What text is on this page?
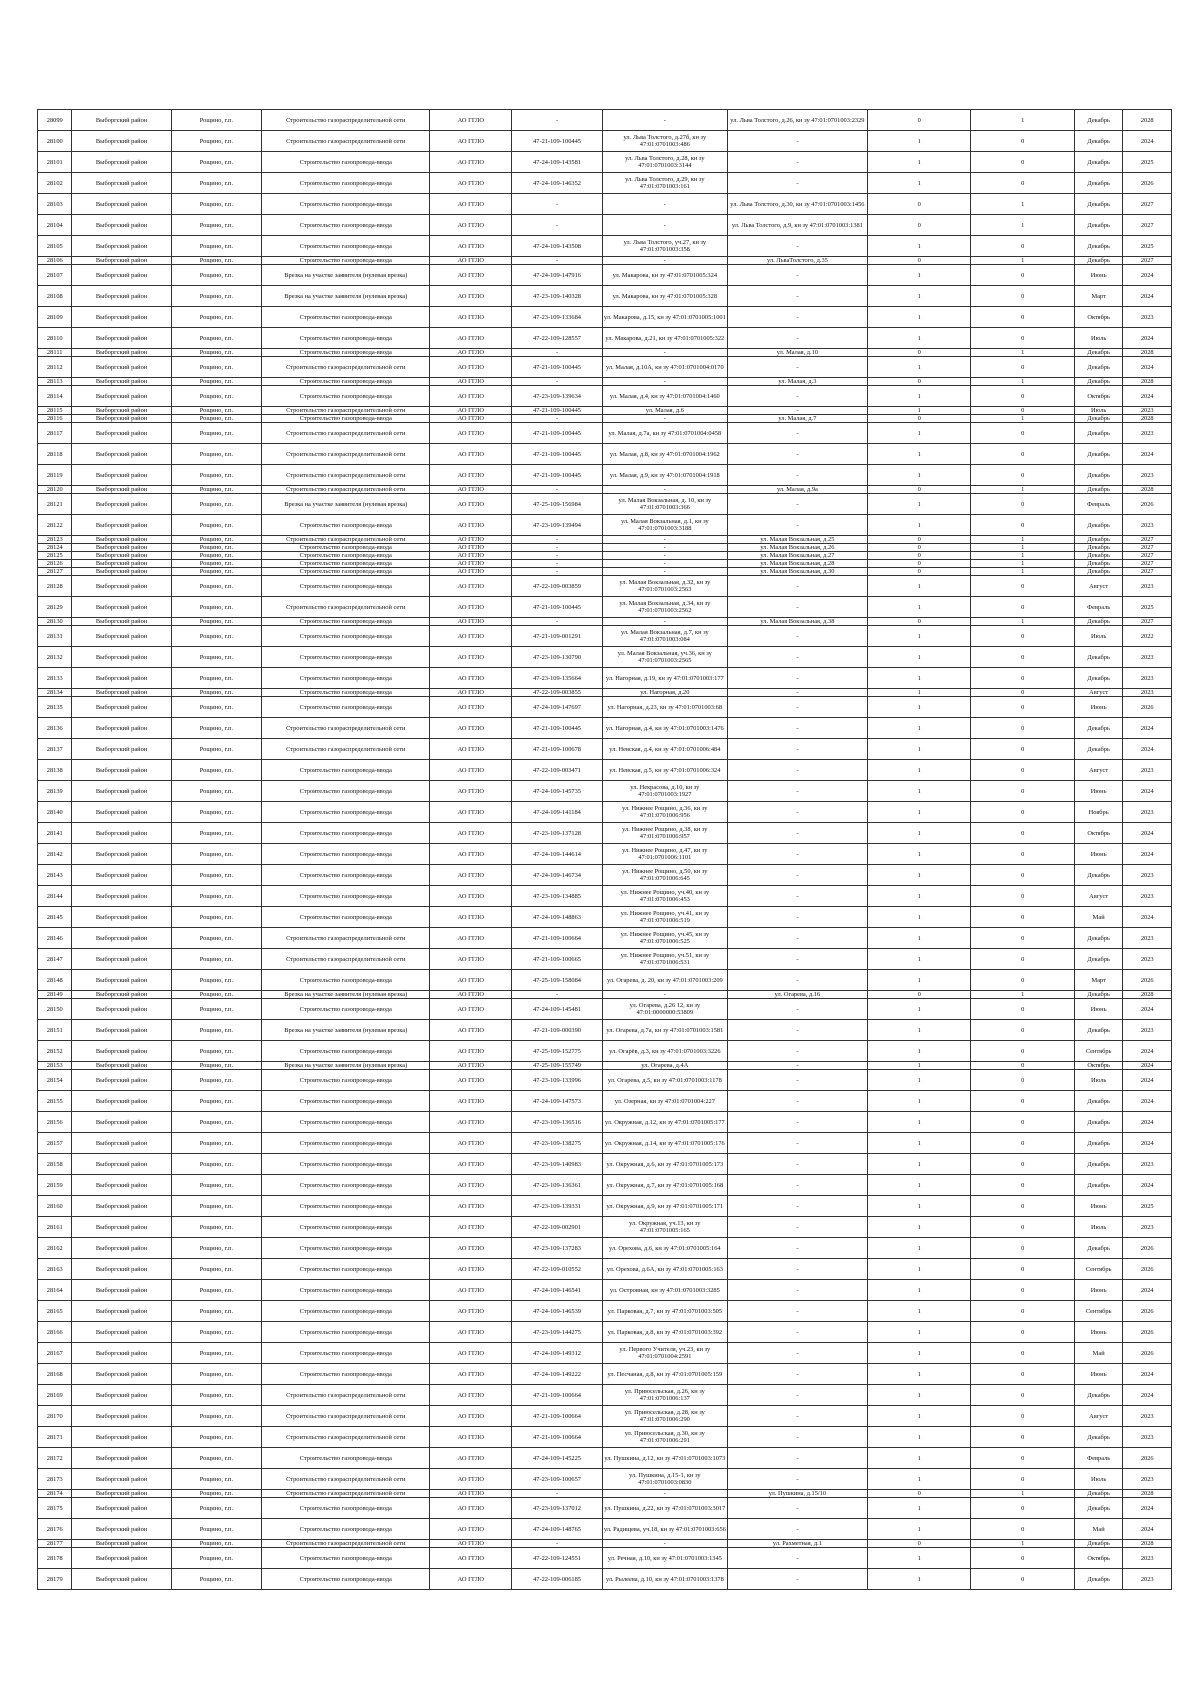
28099	Выборгский район	Рощино, г.п.	Строительство газораспределительной сети	АО ГГЛО	-	-	ул. Льва Толстого, д.26, кн зу 47:01:0701003:2329	0	1	Декабрь	2028
28100	Выборгский район	Рощино, г.п.	Строительство газораспределительной сети	АО ГГЛО	47-21-109-100445	ул. Льва Толстого, д.27б, кн зу 47:01:0701003:486	-	1	0	Декабрь	2024
28101	Выборгский район	Рощино, г.п.	Строительство газопровода-ввода	АО ГГЛО	47-24-109-143581	ул. Льва Толстого, д.28, кн зу 47:01:0701003:3144	-	1	0	Декабрь	2025
28102	Выборгский район	Рощино, г.п.	Строительство газопровода-ввода	АО ГГЛО	47-24-109-146352	ул. Льва Толстого, д.29, кн зу 47:01:0701003:161	-	1	0	Декабрь	2026
28103	Выборгский район	Рощино, г.п.	Строительство газопровода-ввода	АО ГГЛО	-	-	ул. Льва Толстого, д.30, кн зу 47:01:0701003:1456	0	1	Декабрь	2027
28104	Выборгский район	Рощино, г.п.	Строительство газопровода-ввода	АО ГГЛО	-	-	ул. Льва Толстого, д.9, кн зу 47:01:0701003:1381	0	1	Декабрь	2027
28105	Выборгский район	Рощино, г.п.	Строительство газопровода-ввода	АО ГГЛО	47-24-109-143508	ул. Льва Толстого, уч.27, кн зу 47:01:0701003:358	-	1	0	Декабрь	2025
28106	Выборгский район	Рощино, г.п.	Строительство газопровода-ввода	АО ГГЛО	-	-	ул. ЛьваТолстого, д.35	0	1	Декабрь	2027
28107	Выборгский район	Рощино, г.п.	Врезка на участке заявителя (нулевая врезка)	АО ГГЛО	47-24-109-147916	ул. Макарова, кн зу 47:01:0701005:324	-	1	0	Июнь	2024
28108	Выборгский район	Рощино, г.п.	Врезка на участке заявителя (нулевая врезка)	АО ГГЛО	47-23-109-140328	ул. Макарова, кн зу 47:01:0701005:328	-	1	0	Март	2024
28109	Выборгский район	Рощино, г.п.	Строительство газопровода-ввода	АО ГГЛО	47-23-109-133684	ул. Макарова, д.15, кн зу 47:01:0701005:1001	-	1	0	Октябрь	2023
28110	Выборгский район	Рощино, г.п.	Строительство газопровода-ввода	АО ГГЛО	47-22-109-128557	ул. Макарова, д.21, кн зу 47:01:0701005:322	-	1	0	Июль	2024
28111	Выборгский район	Рощино, г.п.	Строительство газопровода-ввода	АО ГГЛО	-	-	ул. Малая, д.10	0	1	Декабрь	2028
28112	Выборгский район	Рощино, г.п.	Строительство газораспределительной сети	АО ГГЛО	47-21-109-100445	ул. Малая, д.10А, кн зу 47:01:0701004:0170	-	1	0	Декабрь	2024
28113	Выборгский район	Рощино, г.п.	Строительство газопровода-ввода	АО ГГЛО	-	-	ул. Малая, д.3	0	1	Декабрь	2028
28114	Выборгский район	Рощино, г.п.	Строительство газопровода-ввода	АО ГГЛО	47-23-109-139634	ул. Малая, д.4, кн зу 47:01:0701004:1460	-	1	0	Октябрь	2024
28115	Выборгский район	Рощино, г.п.	Строительство газораспределительной сети	АО ГГЛО	47-21-109-100445	ул. Малая, д.6	-	1	0	Июль	2023
28116	Выборгский район	Рощино, г.п.	Строительство газопровода-ввода	АО ГГЛО	-	-	ул. Малая, д.7	0	1	Декабрь	2028
28117	Выборгский район	Рощино, г.п.	Строительство газораспределительной сети	АО ГГЛО	47-21-109-100445	ул. Малая, д.7а, кн зу 47:01:0701004:0458	-	1	0	Декабрь	2023
28118	Выборгский район	Рощино, г.п.	Строительство газораспределительной сети	АО ГГЛО	47-21-109-100445	ул. Малая, д.8, кн зу 47:01:0701004:1962	-	1	0	Декабрь	2024
28119	Выборгский район	Рощино, г.п.	Строительство газораспределительной сети	АО ГГЛО	47-21-109-100445	ул. Малая, д.9, кн зу 47:01:0701004:1918	-	1	0	Декабрь	2023
28120	Выборгский район	Рощино, г.п.	Строительство газораспределительной сети	АО ГГЛО	-	-	ул. Малая, д.9а	0	1	Декабрь	2028
28121	Выборгский район	Рощино, г.п.	Врезка на участке заявителя (нулевая врезка)	АО ГГЛО	47-25-109-156984	ул. Малая Вокзальная, д. 10, кн зу 47:01:0701003:366	-	1	0	Февраль	2026
28122	Выборгский район	Рощино, г.п.	Строительство газопровода-ввода	АО ГГЛО	47-23-109-139494	ул. Малая Вокзальная, д.1, кн зу 47:01:0701003:3188	-	1	0	Декабрь	2023
28123	Выборгский район	Рощино, г.п.	Строительство газораспределительной сети	АО ГГЛО	-	-	ул. Малая Вокзальная, д.25	0	1	Декабрь	2027
28124	Выборгский район	Рощино, г.п.	Строительство газопровода-ввода	АО ГГЛО	-	-	ул. Малая Вокзальная, д.26	0	1	Декабрь	2027
28125	Выборгский район	Рощино, г.п.	Строительство газопровода-ввода	АО ГГЛО	-	-	ул. Малая Вокзальная, д.27	0	1	Декабрь	2027
28126	Выборгский район	Рощино, г.п.	Строительство газопровода-ввода	АО ГГЛО	-	-	ул. Малая Вокзальная, д.28	0	1	Декабрь	2027
28127	Выборгский район	Рощино, г.п.	Строительство газопровода-ввода	АО ГГЛО	-	-	ул. Малая Вокзальная, д.30	0	1	Декабрь	2027
28128	Выборгский район	Рощино, г.п.	Строительство газопровода-ввода	АО ГГЛО	47-22-109-003859	ул. Малая Вокзальная, д.32, кн зу 47:01:0701003:2563	-	1	0	Август	2023
28129	Выборгский район	Рощино, г.п.	Строительство газораспределительной сети	АО ГГЛО	47-21-109-100445	ул. Малая Вокзальная, д.34, кн зу 47:01:0701003:2562	-	1	0	Февраль	2025
28130	Выборгский район	Рощино, г.п.	Строительство газопровода-ввода	АО ГГЛО	-	-	ул. Малая Вокзальная, д.38	0	1	Декабрь	2027
28131	Выборгский район	Рощино, г.п.	Строительство газопровода-ввода	АО ГГЛО	47-21-109-001291	ул. Малая Вокзальная, д.7, кн зу 47:01:0701003:084	-	1	0	Июль	2022
28132	Выборгский район	Рощино, г.п.	Строительство газопровода-ввода	АО ГГЛО	47-23-109-130790	ул. Малая Вокзальная, уч.36, кн зу 47:01:0701003:2565	-	1	0	Декабрь	2023
28133	Выборгский район	Рощино, г.п.	Строительство газопровода-ввода	АО ГГЛО	47-23-109-135664	ул. Нагорная, д.19, кн зу 47:01:0701003:177	-	1	0	Декабрь	2023
28134	Выборгский район	Рощино, г.п.	Строительство газопровода-ввода	АО ГГЛО	47-22-109-003855	ул. Нагорная, д.20	-	1	0	Август	2023
28135	Выборгский район	Рощино, г.п.	Строительство газопровода-ввода	АО ГГЛО	47-24-109-147697	ул. Нагорная, д.23, кн зу 47:01:0701003:68	-	1	0	Июнь	2026
28136	Выборгский район	Рощино, г.п.	Строительство газораспределительной сети	АО ГГЛО	47-21-109-100445	ул. Нагорная, д.4, кн зу 47:01:0701003:1476	-	1	0	Декабрь	2024
28137	Выборгский район	Рощино, г.п.	Строительство газораспределительной сети	АО ГГЛО	47-21-109-100678	ул. Невская, д.4, кн зу 47:01:0701006:484	-	1	0	Декабрь	2024
28138	Выборгский район	Рощино, г.п.	Строительство газопровода-ввода	АО ГГЛО	47-22-109-003471	ул. Невская, д.5, кн зу 47:01:0701006:324	-	1	0	Август	2023
28139	Выборгский район	Рощино, г.п.	Строительство газопровода-ввода	АО ГГЛО	47-24-109-145735	ул. Некрасова, д.10, кн зу 47:01:0701003:1927	-	1	0	Июнь	2024
28140	Выборгский район	Рощино, г.п.	Строительство газопровода-ввода	АО ГГЛО	47-24-109-141184	ул. Нижнее Рощино, д.36, кн зу 47:01:0701006:956	-	1	0	Ноябрь	2023
28141	Выборгский район	Рощино, г.п.	Строительство газопровода-ввода	АО ГГЛО	47-23-109-137128	ул. Нижнее Рощино, д.38, кн зу 47:01:0701006:957	-	1	0	Октябрь	2024
28142	Выборгский район	Рощино, г.п.	Строительство газопровода-ввода	АО ГГЛО	47-24-109-144614	ул. Нижнее Рощино, д.47, кн зу 47:01:0701006:1101	-	1	0	Июнь	2024
28143	Выборгский район	Рощино, г.п.	Строительство газопровода-ввода	АО ГГЛО	47-24-109-146734	ул. Нижнее Рощино, д.50, кн зу 47:01:0701006:645	-	1	0	Декабрь	2023
28144	Выборгский район	Рощино, г.п.	Строительство газопровода-ввода	АО ГГЛО	47-23-109-134885	ул. Нижнее Рощино, уч.40, кн зу 47:01:0701006:453	-	1	0	Август	2023
28145	Выборгский район	Рощино, г.п.	Строительство газопровода-ввода	АО ГГЛО	47-24-109-148863	ул. Нижнее Рощино, уч.41, кн зу 47:01:0701006:519	-	1	0	Май	2024
28146	Выборгский район	Рощино, г.п.	Строительство газораспределительной сети	АО ГГЛО	47-21-109-100664	ул. Нижнее Рощино, уч.45, кн зу 47:01:0701006:525	-	1	0	Декабрь	2023
28147	Выборгский район	Рощино, г.п.	Строительство газораспределительной сети	АО ГГЛО	47-21-109-100665	ул. Нижнее Рощино, уч.51, кн зу 47:01:0701006:531	-	1	0	Декабрь	2023
28148	Выборгский район	Рощино, г.п.	Строительство газопровода-ввода	АО ГГЛО	47-25-109-158084	ул. Огарева, д. 20, кн зу 47:01:0701003:209	-	1	0	Март	2026
28149	Выборгский район	Рощино, г.п.	Врезка на участке заявителя (нулевая врезка)	АО ГГЛО	-	-	ул. Огарева, д.16	0	1	Декабрь	2028
28150	Выборгский район	Рощино, г.п.	Строительство газопровода-ввода	АО ГГЛО	47-24-109-145481	ул. Огарева, д.26 12, кн зу 47:01:0000000:53809	-	1	0	Июнь	2024
28151	Выборгский район	Рощино, г.п.	Врезка на участке заявителя (нулевая врезка)	АО ГГЛО	47-21-109-000390	ул. Огарева, д.7а, кн зу 47:01:0701003:1581	-	1	0	Декабрь	2023
28152	Выборгский район	Рощино, г.п.	Строительство газопровода-ввода	АО ГГЛО	47-25-109-152775	ул. Огарёв, д.3, кн зу 47:01:0701003:3226	-	1	0	Сентябрь	2024
28153	Выборгский район	Рощино, г.п.	Врезка на участке заявителя (нулевая врезка)	АО ГГЛО	47-25-109-155749	ул. Огарева, д.4А	-	1	0	Октябрь	2024
28154	Выборгский район	Рощино, г.п.	Строительство газопровода-ввода	АО ГГЛО	47-23-109-133996	ул. Огарева, д.5, кн зу 47:01:0701003:1178	-	1	0	Июль	2024
28155	Выборгский район	Рощино, г.п.	Строительство газопровода-ввода	АО ГГЛО	47-24-109-147573	ул. Озерная, кн зу 47:01:0701004:227	-	1	0	Декабрь	2024
28156	Выборгский район	Рощино, г.п.	Строительство газопровода-ввода	АО ГГЛО	47-23-109-136516	ул. Окружная, д.12, кн зу 47:01:0701005:177	-	1	0	Декабрь	2024
28157	Выборгский район	Рощино, г.п.	Строительство газопровода-ввода	АО ГГЛО	47-23-109-138275	ул. Окружная, д.14, кн зу 47:01:0701005:176	-	1	0	Декабрь	2024
28158	Выборгский район	Рощино, г.п.	Строительство газопровода-ввода	АО ГГЛО	47-23-109-140983	ул. Окружная, д.6, кн зу 47:01:0701005:173	-	1	0	Декабрь	2023
28159	Выборгский район	Рощино, г.п.	Строительство газопровода-ввода	АО ГГЛО	47-23-109-136361	ул. Окружная, д.7, кн зу 47:01:0701005:168	-	1	0	Декабрь	2024
28160	Выборгский район	Рощино, г.п.	Строительство газопровода-ввода	АО ГГЛО	47-23-109-139331	ул. Окружная, д.9, кн зу 47:01:0701005:171	-	1	0	Июнь	2025
28161	Выборгский район	Рощино, г.п.	Строительство газопровода-ввода	АО ГГЛО	47-22-109-002901	ул. Окружная, уч.13, кн зу 47:01:0701005:165	-	1	0	Июль	2023
28162	Выборгский район	Рощино, г.п.	Строительство газопровода-ввода	АО ГГЛО	47-23-109-137283	ул. Орехова, д.6, кн зу 47:01:0701005:164	-	1	0	Декабрь	2026
28163	Выборгский район	Рощино, г.п.	Строительство газопровода-ввода	АО ГГЛО	47-22-109-010552	ул. Орехова, д.6А, кн зу 47:01:0701005:163	-	1	0	Сентябрь	2026
28164	Выборгский район	Рощино, г.п.	Строительство газопровода-ввода	АО ГГЛО	47-24-109-146541	ул. Островная, кн зу 47:01:0701003:3285	-	1	0	Июнь	2024
28165	Выборгский район	Рощино, г.п.	Строительство газопровода-ввода	АО ГГЛО	47-24-109-146539	ул. Парковая, д.7, кн зу 47:01:0701003:505	-	1	0	Сентябрь	2026
28166	Выборгский район	Рощино, г.п.	Строительство газопровода-ввода	АО ГГЛО	47-23-109-144275	ул. Парковая, д.8, кн зу 47:01:0701003:392	-	1	0	Июнь	2026
28167	Выборгский район	Рощино, г.п.	Строительство газопровода-ввода	АО ГГЛО	47-24-109-149312	ул. Первого Учителя, уч.23, кн зу 47:01:0701004:2591	-	1	0	Май	2026
28168	Выборгский район	Рощино, г.п.	Строительство газопровода-ввода	АО ГГЛО	47-24-109-149222	ул. Песчаная, д.8, кн зу 47:01:0701005:159	-	1	0	Июнь	2024
28169	Выборгский район	Рощино, г.п.	Строительство газораспределительной сети	АО ГГЛО	47-21-109-100664	ул. Приюсельская, д.26, кн зу 47:01:0701006:137	-	1	0	Декабрь	2024
28170	Выборгский район	Рощино, г.п.	Строительство газораспределительной сети	АО ГГЛО	47-21-109-100664	ул. Приюсельская, д.28, кн зу 47:01:0701006:290	-	1	0	Август	2023
28171	Выборгский район	Рощино, г.п.	Строительство газораспределительной сети	АО ГГЛО	47-21-109-100664	ул. Приюсельская, д.30, кн зу 47:01:0701006:291	-	1	0	Декабрь	2023
28172	Выборгский район	Рощино, г.п.	Строительство газопровода-ввода	АО ГГЛО	47-24-109-145225	ул. Пушкина, д.12, кн зу 47:01:0701003:1073	-	1	0	Февраль	2026
28173	Выборгский район	Рощино, г.п.	Строительство газораспределительной сети	АО ГГЛО	47-23-109-100657	ул. Пушкина, д.15-1, кн зу 47:01:0701003:0830	-	1	0	Июль	2023
28174	Выборгский район	Рощино, г.п.	Строительство газораспределительной сети	АО ГГЛО	-	-	ул. Пушкина, д.15/10	0	1	Декабрь	2028
28175	Выборгский район	Рощино, г.п.	Строительство газопровода-ввода	АО ГГЛО	47-23-109-137012	ул. Пушкина, д.22, кн зу 47:01:0701003:3017	-	1	0	Декабрь	2024
28176	Выборгский район	Рощино, г.п.	Строительство газопровода-ввода	АО ГГЛО	47-24-109-148765	ул. Радищева, уч.18, кн зу 47:01:0701003:656	-	1	0	Май	2024
28177	Выборгский район	Рощино, г.п.	Строительство газораспределительной сети	АО ГГЛО	-	-	ул. Рахметная, д.1	0	1	Декабрь	2028
28178	Выборгский район	Рощино, г.п.	Строительство газопровода-ввода	АО ГГЛО	47-22-109-124551	ул. Речная, д.10, кн зу 47:01:0701003:1345	-	1	0	Октябрь	2023
28179	Выборгский район	Рощино, г.п.	Строительство газопровода-ввода	АО ГГЛО	47-22-109-006185	ул. Рылеева, д.10, кн зу 47:01:0701003:1378	-	1	0	Декабрь	2023
